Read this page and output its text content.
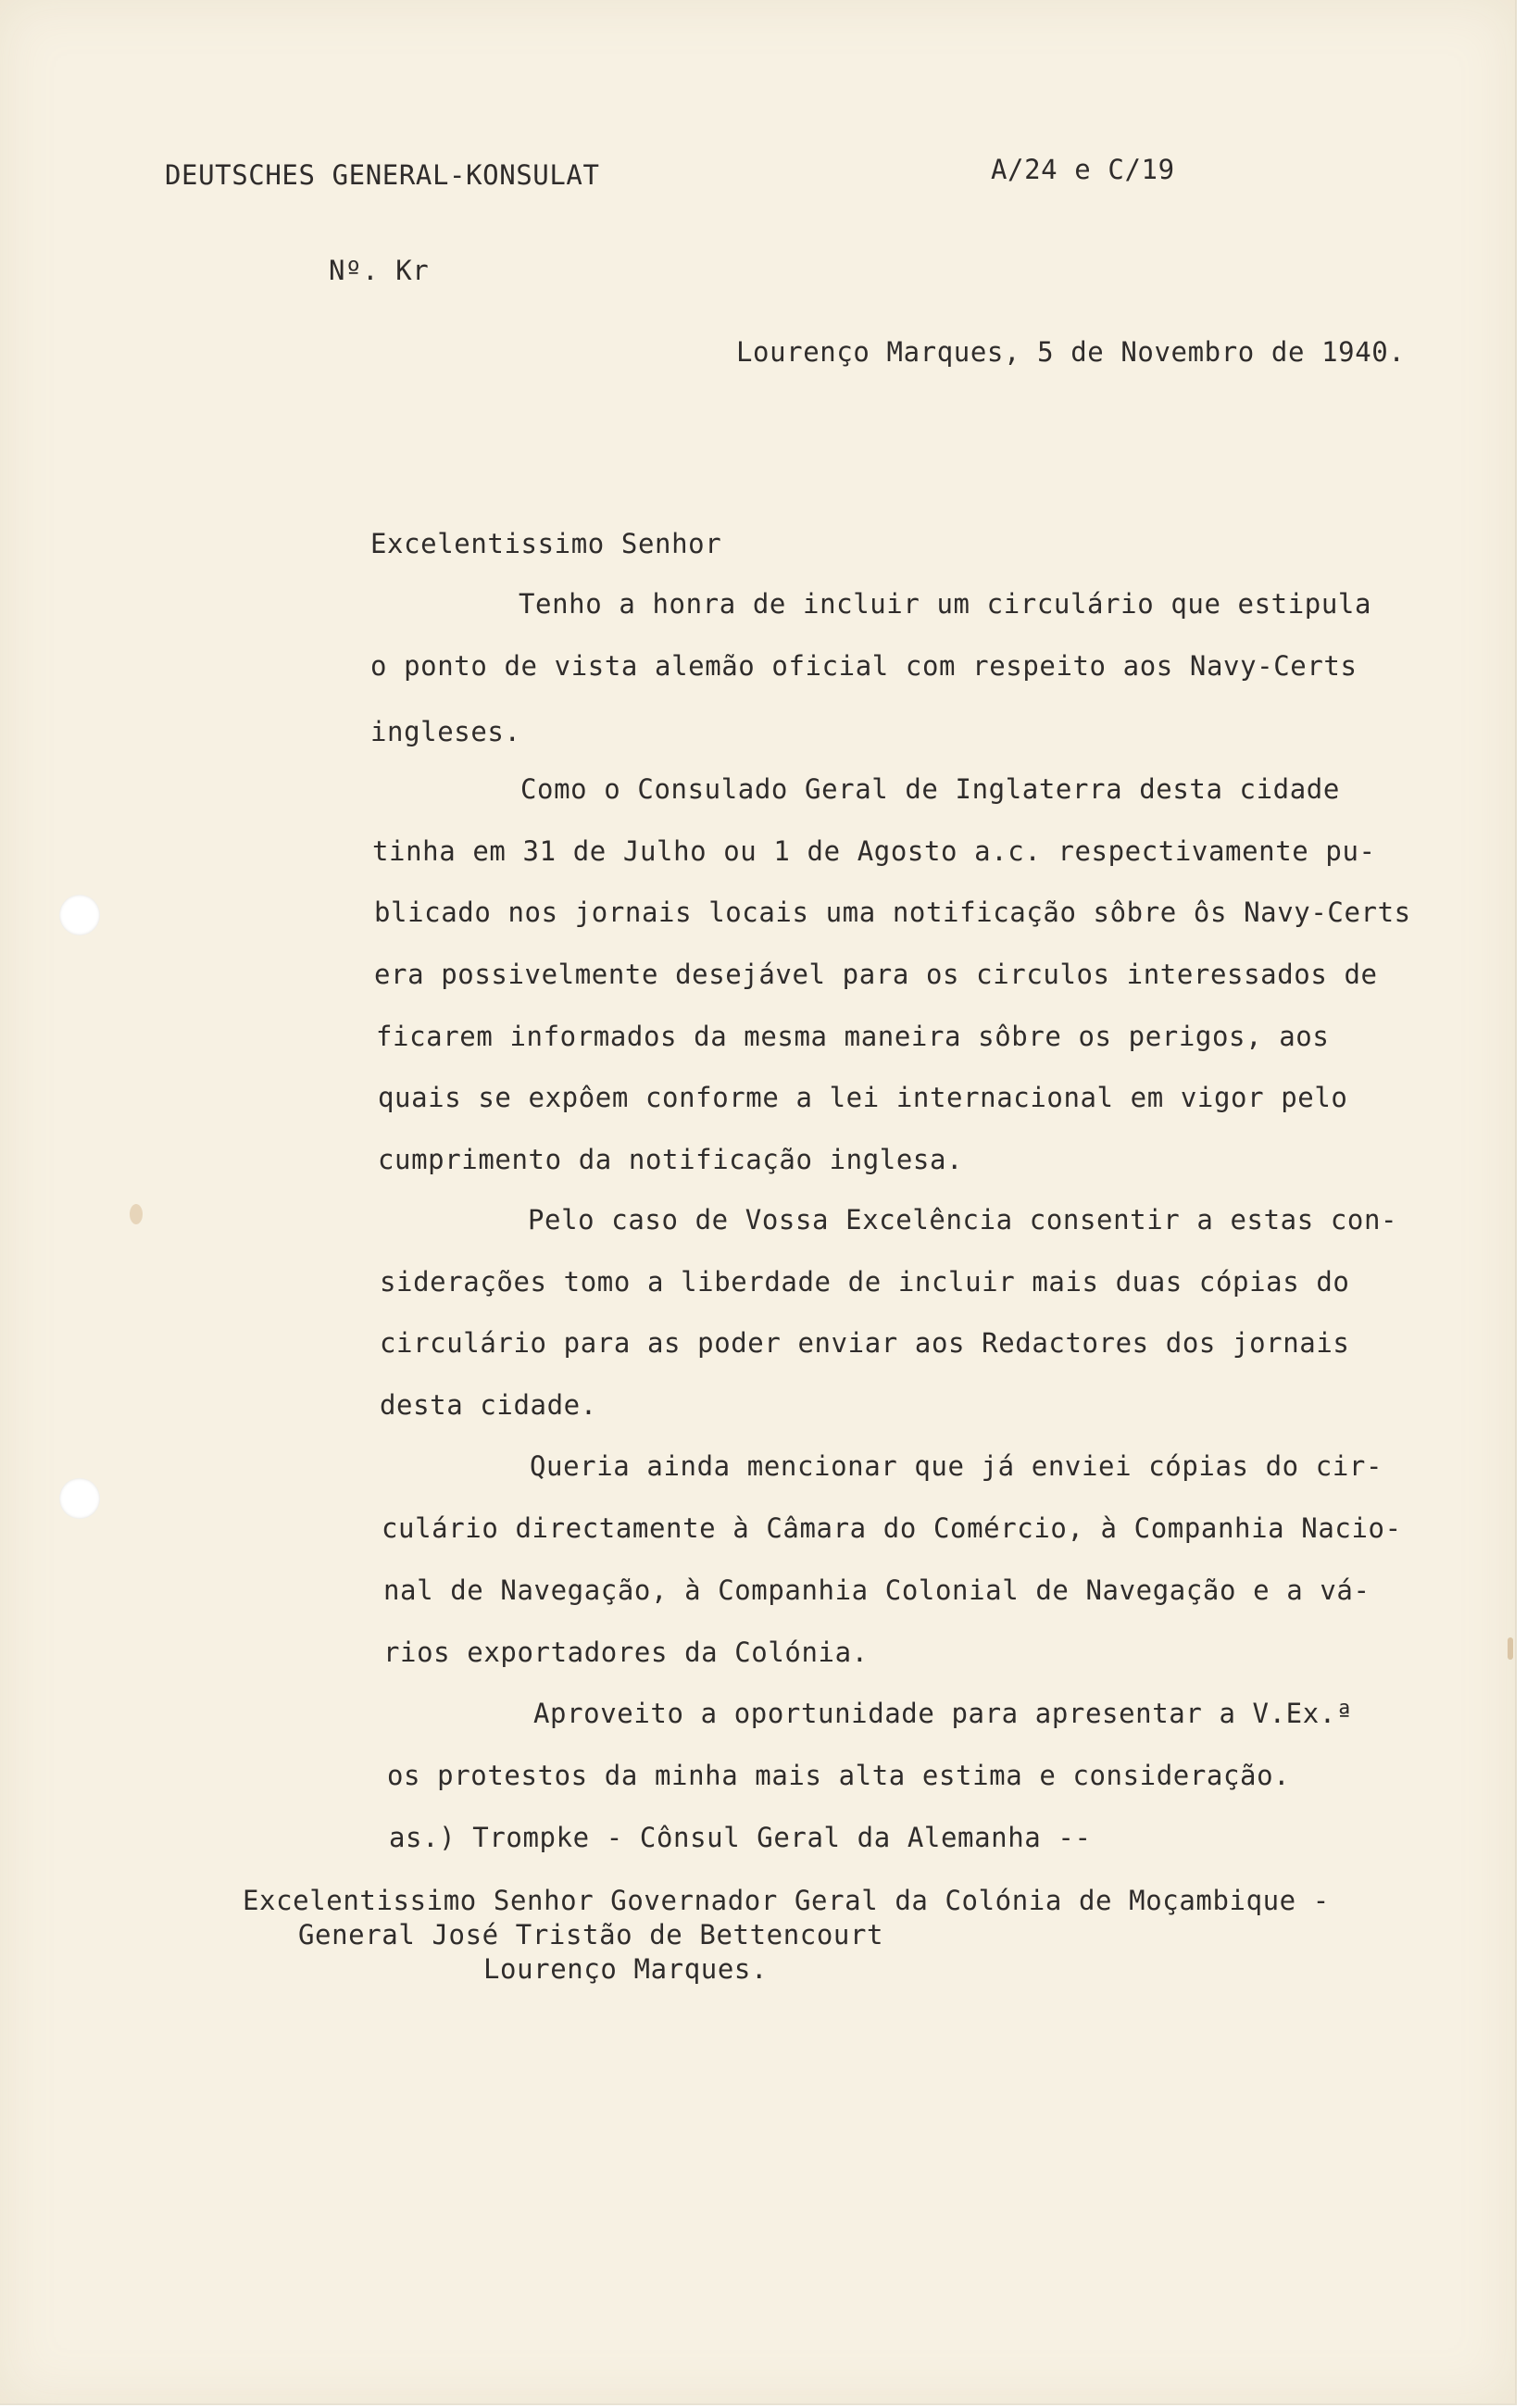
DEUTSCHES GENERAL-KONSULAT	A/24 e C/19
Nº. Kr
Lourenço Marques, 5 de Novembro de 1940.
Excelentissimo Senhor
Tenho a honra de incluir um circulário que estipula
o ponto de vista alemão oficial com respeito aos Navy-Certs
ingleses.
Como o Consulado Geral de Inglaterra desta cidade
tinha em 31 de Julho ou 1 de Agosto a.c. respectivamente pu-
blicado nos jornais locais uma notificação sôbre ôs Navy-Certs
era possivelmente desejável para os circulos interessados de
ficarem informados da mesma maneira sôbre os perigos, aos
quais se expôem conforme a lei internacional em vigor pelo
cumprimento da notificação inglesa.
Pelo caso de Vossa Excelência consentir a estas con-
siderações tomo a liberdade de incluir mais duas cópias do
circulário para as poder enviar aos Redactores dos jornais
desta cidade.
Queria ainda mencionar que já enviei cópias do cir-
culário directamente à Câmara do Comércio, à Companhia Nacio-
nal de Navegação, à Companhia Colonial de Navegação e a vá-
rios exportadores da Colónia.
Aproveito a oportunidade para apresentar a V.Ex.ª
os protestos da minha mais alta estima e consideração.
as.) Trompke - Cônsul Geral da Alemanha --
Excelentissimo Senhor Governador Geral da Colónia de Moçambique -
General José Tristão de Bettencourt
Lourenço Marques.
